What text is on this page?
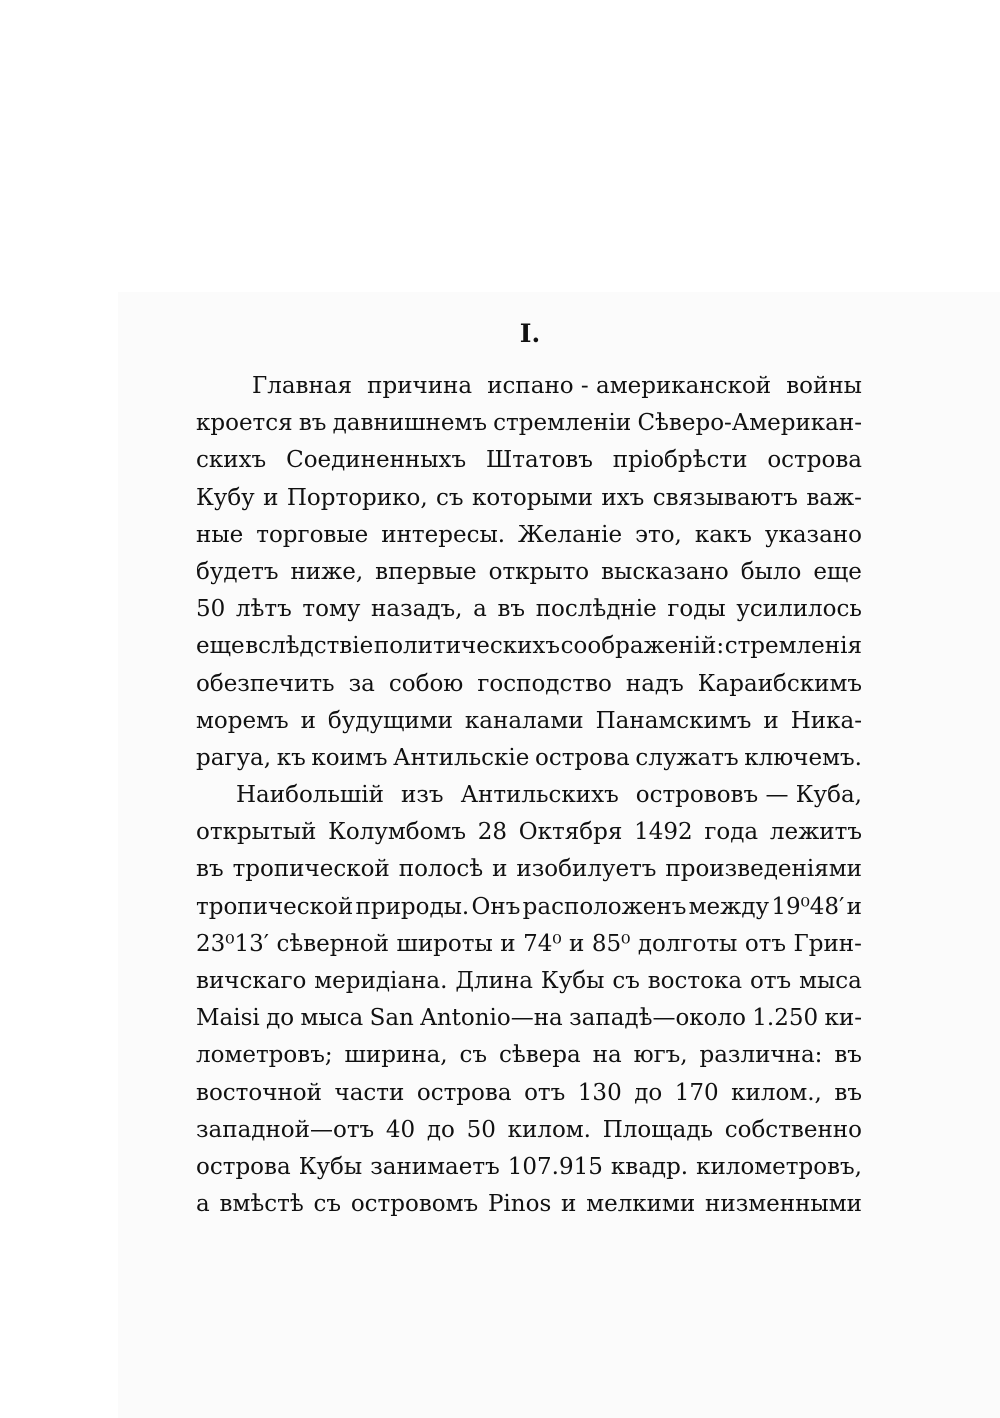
I.
Главная причина испано - американской войны
кроется въ давнишнемъ стремленіи Сѣверо-Американ-
скихъ Соединенныхъ Штатовъ пріобрѣсти острова
Кубу и Порторико, съ которыми ихъ связываютъ важ-
ные торговые интересы. Желаніе это, какъ указано
будетъ ниже, впервые открыто высказано было еще
50 лѣтъ тому назадъ, а въ послѣдніе годы усилилось
еще вслѣдствіе политическихъ соображеній: стремленія
обезпечить за собою господство надъ Караибскимъ
моремъ и будущими каналами Панамскимъ и Никa-
рагуа, къ коимъ Антильскіе острова служатъ ключемъ.
Наибольшій изъ Антильскихъ острововъ — Куба,
открытый Колумбомъ 28 Октября 1492 года лежитъ
въ тропической полосѣ и изобилуетъ произведеніями
тропической природы. Онъ расположенъ между 19⁰48′ и
23⁰13′ сѣверной широты и 74⁰ и 85⁰ долготы отъ Грин-
вичскаго меридіана. Длина Кубы съ востока отъ мыса
Maisi до мыса San Antonio—на западѣ—около 1.250 ки-
лометровъ; ширина, съ сѣвера на югъ, различна: въ
восточной части острова отъ 130 до 170 килом., въ
западной—отъ 40 до 50 килом. Площадь собственно
острова Кубы занимаетъ 107.915 квадр. километровъ,
а вмѣстѣ съ островомъ Pinos и мелкими низменными
